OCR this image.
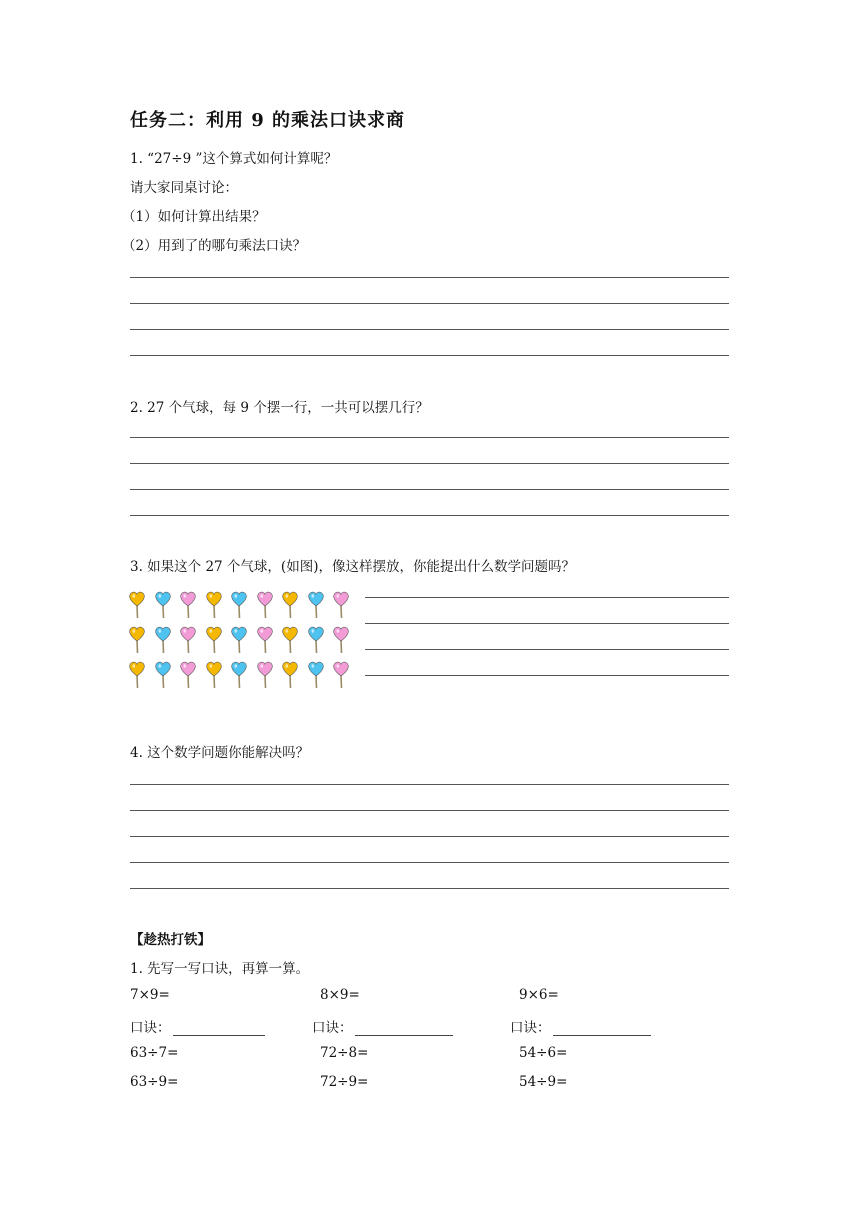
任务二：利用 9 的乘法口诀求商
1. “27÷9 ”这个算式如何计算呢？
请大家同桌讨论：
（1）如何计算出结果？
（2）用到了的哪句乘法口诀？
2. 27 个气球，每 9 个摆一行，一共可以摆几行？
3. 如果这个 27 个气球，(如图)，像这样摆放，你能提出什么数学问题吗？
4. 这个数学问题你能解决吗？
【趁热打铁】
1. 先写一写口诀，再算一算。
7×9=	8×9=	9×6=
口诀：	口诀：	口诀：
63÷7=	72÷8=	54÷6=
63÷9=	72÷9=	54÷9=
